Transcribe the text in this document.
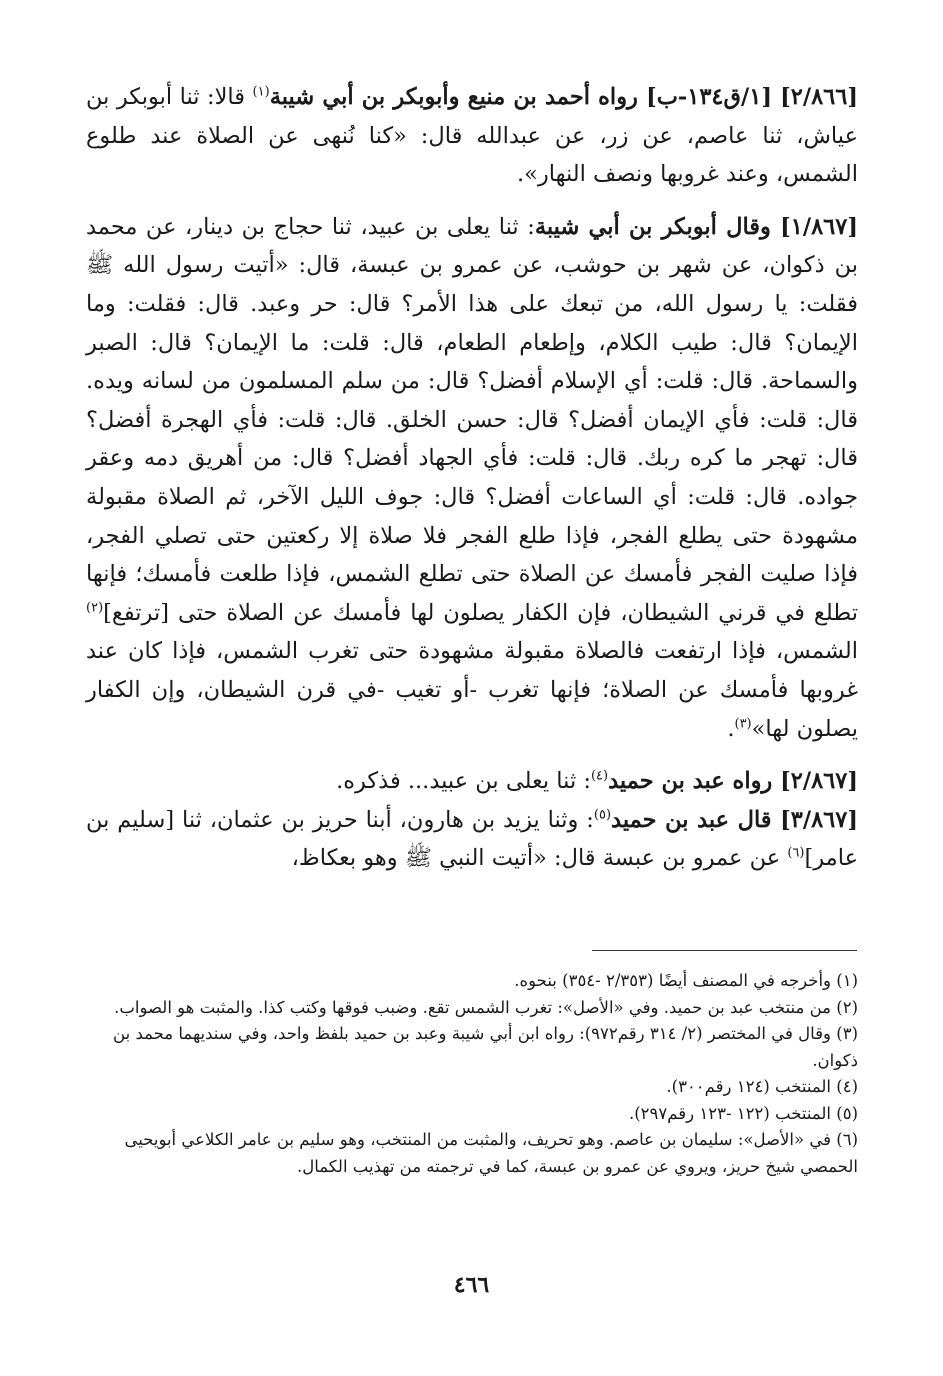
[٢/٨٦٦] [١/ق١٣٤-ب] رواه أحمد بن منيع وأبوبكر بن أبي شيبة$^{(١)}$ قالا: ثنا أبوبكر بن عياش، ثنا عاصم، عن زر، عن عبدالله قال: «كنا نُنهى عن الصلاة عند طلوع الشمس، وعند غروبها ونصف النهار».

[١/٨٦٧] وقال أبوبكر بن أبي شيبة: ثنا يعلى بن عبيد، ثنا حجاج بن دينار، عن محمد بن ذكوان، عن شهر بن حوشب، عن عمرو بن عبسة، قال: «أتيت رسول الله ﷺ فقلت: يا رسول الله، من تبعك على هذا الأمر؟ قال: حر وعبد. قال: فقلت: وما الإيمان؟ قال: طيب الكلام، وإطعام الطعام، قال: قلت: ما الإيمان؟ قال: الصبر والسماحة. قال: قلت: أي الإسلام أفضل؟ قال: من سلم المسلمون من لسانه ويده. قال: قلت: فأي الإيمان أفضل؟ قال: حسن الخلق. قال: قلت: فأي الهجرة أفضل؟ قال: تهجر ما كره ربك. قال: قلت: فأي الجهاد أفضل؟ قال: من أهريق دمه وعقر جواده. قال: قلت: أي الساعات أفضل؟ قال: جوف الليل الآخر، ثم الصلاة مقبولة مشهودة حتى يطلع الفجر، فإذا طلع الفجر فلا صلاة إلا ركعتين حتى تصلي الفجر، فإذا صليت الفجر فأمسك عن الصلاة حتى تطلع الشمس، فإذا طلعت فأمسك؛ فإنها تطلع في قرني الشيطان، فإن الكفار يصلون لها فأمسك عن الصلاة حتى [ترتفع]$^{(٢)}$ الشمس، فإذا ارتفعت فالصلاة مقبولة مشهودة حتى تغرب الشمس، فإذا كان عند غروبها فأمسك عن الصلاة؛ فإنها تغرب -أو تغيب -في قرن الشيطان، وإن الكفار يصلون لها»$^{(٣)}$.

[٢/٨٦٧] رواه عبد بن حميد$^{(٤)}$: ثنا يعلى بن عبيد... فذكره.

[٣/٨٦٧] قال عبد بن حميد$^{(٥)}$: وثنا يزيد بن هارون، أبنا حريز بن عثمان، ثنا [سليم بن عامر]$^{(٦)}$ عن عمرو بن عبسة قال: «أتيت النبي ﷺ وهو بعكاظ،

(١) وأخرجه في المصنف أيضًا (٢/٣٥٣ -٣٥٤) بنحوه.
(٢) من منتخب عبد بن حميد. وفي «الأصل»: تغرب الشمس تقع. وضبب فوقها وكتب كذا. والمثبت هو الصواب.
(٣) وقال في المختصر (٢/ ٣١٤ رقم٩٧٢): رواه ابن أبي شيبة وعبد بن حميد بلفظ واحد، وفي سنديهما محمد بن ذكوان.
(٤) المنتخب (١٢٤ رقم٣٠٠).
(٥) المنتخب (١٢٢ -١٢٣ رقم٢٩٧).
(٦) في «الأصل»: سليمان بن عاصم. وهو تحريف، والمثبت من المنتخب، وهو سليم بن عامر الكلاعي أبويحيى الحمصي شيخ حريز، ويروي عن عمرو بن عبسة، كما في ترجمته من تهذيب الكمال.
٤٦٦
